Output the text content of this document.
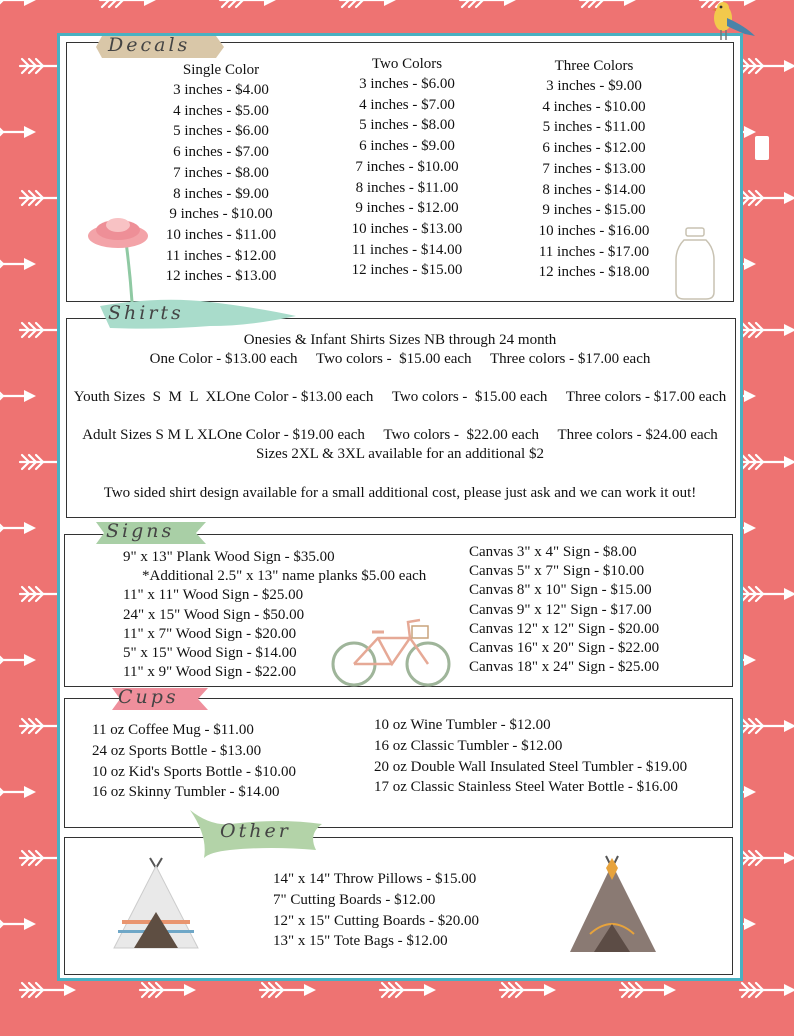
Decals
Single Color
3 inches - $4.00
4 inches - $5.00
5 inches - $6.00
6 inches - $7.00
7 inches - $8.00
8 inches - $9.00
9 inches - $10.00
10 inches - $11.00
11 inches - $12.00
12 inches - $13.00
Two Colors
3 inches - $6.00
4 inches - $7.00
5 inches - $8.00
6 inches - $9.00
7 inches - $10.00
8 inches - $11.00
9 inches - $12.00
10 inches - $13.00
11 inches - $14.00
12 inches - $15.00
Three Colors
3 inches - $9.00
4 inches - $10.00
5 inches - $11.00
6 inches - $12.00
7 inches - $13.00
8 inches - $14.00
9 inches - $15.00
10 inches - $16.00
11 inches - $17.00
12 inches - $18.00
Shirts
Onesies & Infant Shirts Sizes NB through 24 month
One Color - $13.00 each     Two colors -  $15.00 each     Three colors - $17.00 each
Youth Sizes  S  M  L  XLOne Color - $13.00 each     Two colors -  $15.00 each     Three colors - $17.00 each
Adult Sizes S M L XLOne Color - $19.00 each     Two colors -  $22.00 each     Three colors - $24.00 each
Sizes 2XL & 3XL available for an additional $2
Two sided shirt design available for a small additional cost, please just ask and we can work it out!
Signs
9" x 13" Plank Wood Sign - $35.00
*Additional 2.5" x 13" name planks $5.00 each
11" x 11" Wood Sign - $25.00
24" x 15" Wood Sign - $50.00
11" x 7" Wood Sign - $20.00
5" x 15" Wood Sign - $14.00
11" x 9" Wood Sign - $22.00
Canvas 3" x 4" Sign - $8.00
Canvas 5" x 7" Sign - $10.00
Canvas 8" x 10" Sign - $15.00
Canvas 9" x 12" Sign - $17.00
Canvas 12" x 12" Sign - $20.00
Canvas 16" x 20" Sign - $22.00
Canvas 18" x 24" Sign - $25.00
Cups
11 oz Coffee Mug - $11.00
24 oz Sports Bottle - $13.00
10 oz Kid's Sports Bottle - $10.00
16 oz Skinny Tumbler - $14.00
10 oz Wine Tumbler - $12.00
16 oz Classic Tumbler - $12.00
20 oz Double Wall Insulated Steel Tumbler - $19.00
17 oz Classic Stainless Steel Water Bottle - $16.00
Other
14" x 14" Throw Pillows - $15.00
7" Cutting Boards - $12.00
12" x 15" Cutting Boards - $20.00
13" x 15" Tote Bags - $12.00
